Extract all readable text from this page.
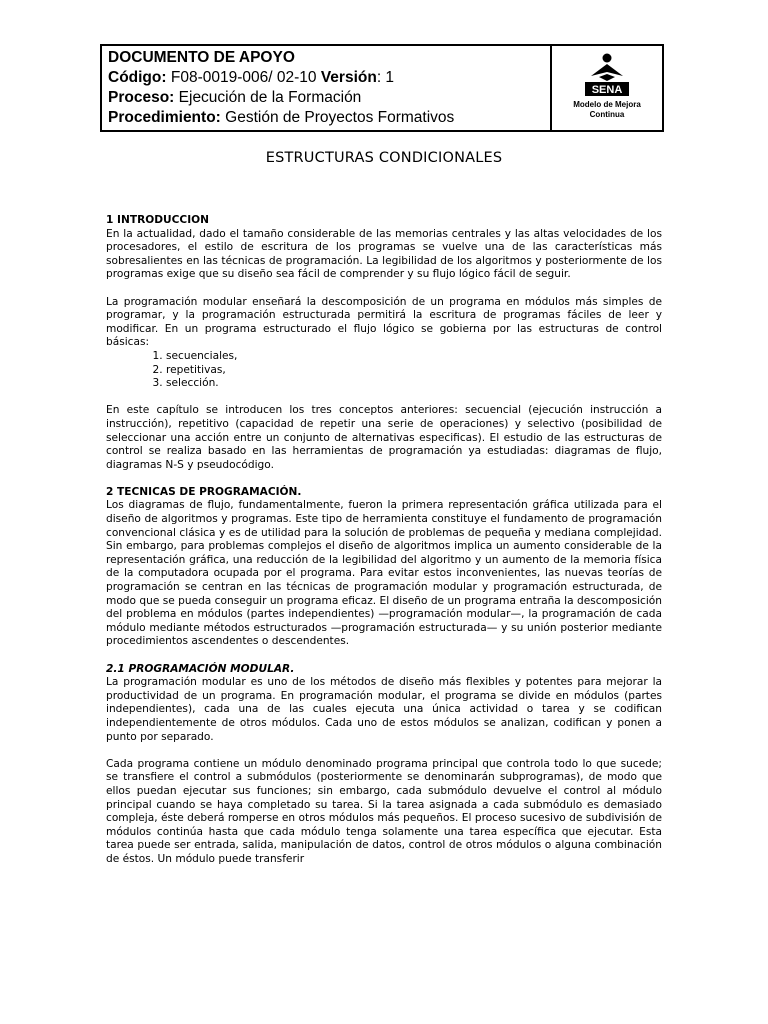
DOCUMENTO DE APOYO
Código: F08-0019-006/ 02-10 Versión: 1
Proceso: Ejecución de la Formación
Procedimiento: Gestión de Proyectos Formativos
SENA
Modelo de Mejora
Continua
ESTRUCTURAS CONDICIONALES
1 INTRODUCCION

En la actualidad, dado el tamaño considerable de las memorias centrales y las altas velocidades de los procesadores, el estilo de escritura de los programas se vuelve una de las características más sobresalientes en las técnicas de programación. La legibilidad de los algoritmos y posteriormente de los programas exige que su diseño sea fácil de comprender y su flujo lógico fácil de seguir.

La programación modular enseñará la descomposición de un programa en módulos más simples de programar, y la programación estructurada permitirá la escritura de programas fáciles de leer y modificar. En un programa estructurado el flujo lógico se gobierna por las estructuras de control básicas:

1. secuenciales,
2. repetitivas,
3. selección.

En este capítulo se introducen los tres conceptos anteriores: secuencial (ejecución instrucción a instrucción), repetitivo (capacidad de repetir una serie de operaciones) y selectivo (posibilidad de seleccionar una acción entre un conjunto de alternativas especificas). El estudio de las estructuras de control se realiza basado en las herramientas de programación ya estudiadas: diagramas de flujo, diagramas N-S y pseudocódigo.

2 TECNICAS DE PROGRAMACIÓN.

Los diagramas de flujo, fundamentalmente, fueron la primera representación gráfica utilizada para el diseño de algoritmos y programas. Este tipo de herramienta constituye el fundamento de programación convencional clásica y es de utilidad para la solución de problemas de pequeña y mediana complejidad. Sin embargo, para problemas complejos el diseño de algoritmos implica un aumento considerable de la representación gráfica, una reducción de la legibilidad del algoritmo y un aumento de la memoria física de la computadora ocupada por el programa. Para evitar estos inconvenientes, las nuevas teorías de programación se centran en las técnicas de programación modular y programación estructurada, de modo que se pueda conseguir un programa eficaz. El diseño de un programa entraña la descomposición del problema en módulos (partes independientes) —programación modular—, la programación de cada módulo mediante métodos estructurados —programación estructurada— y su unión posterior mediante procedimientos ascendentes o descendentes.

2.1 PROGRAMACIÓN MODULAR.

La programación modular es uno de los métodos de diseño más flexibles y potentes para mejorar la productividad de un programa. En programación modular, el programa se divide en módulos (partes independientes), cada una de las cuales ejecuta una única actividad o tarea y se codifican independientemente de otros módulos. Cada uno de estos módulos se analizan, codifican y ponen a punto por separado.

Cada programa contiene un módulo denominado programa principal que controla todo lo que sucede; se transfiere el control a submódulos (posteriormente se denominarán subprogramas), de modo que ellos puedan ejecutar sus funciones; sin embargo, cada submódulo devuelve el control al módulo principal cuando se haya completado su tarea. Si la tarea asignada a cada submódulo es demasiado compleja, éste deberá romperse en otros módulos más pequeños. El proceso sucesivo de subdivisión de módulos continúa hasta que cada módulo tenga solamente una tarea específica que ejecutar. Esta tarea puede ser entrada, salida, manipulación de datos, control de otros módulos o alguna combinación de éstos. Un módulo puede transferir
